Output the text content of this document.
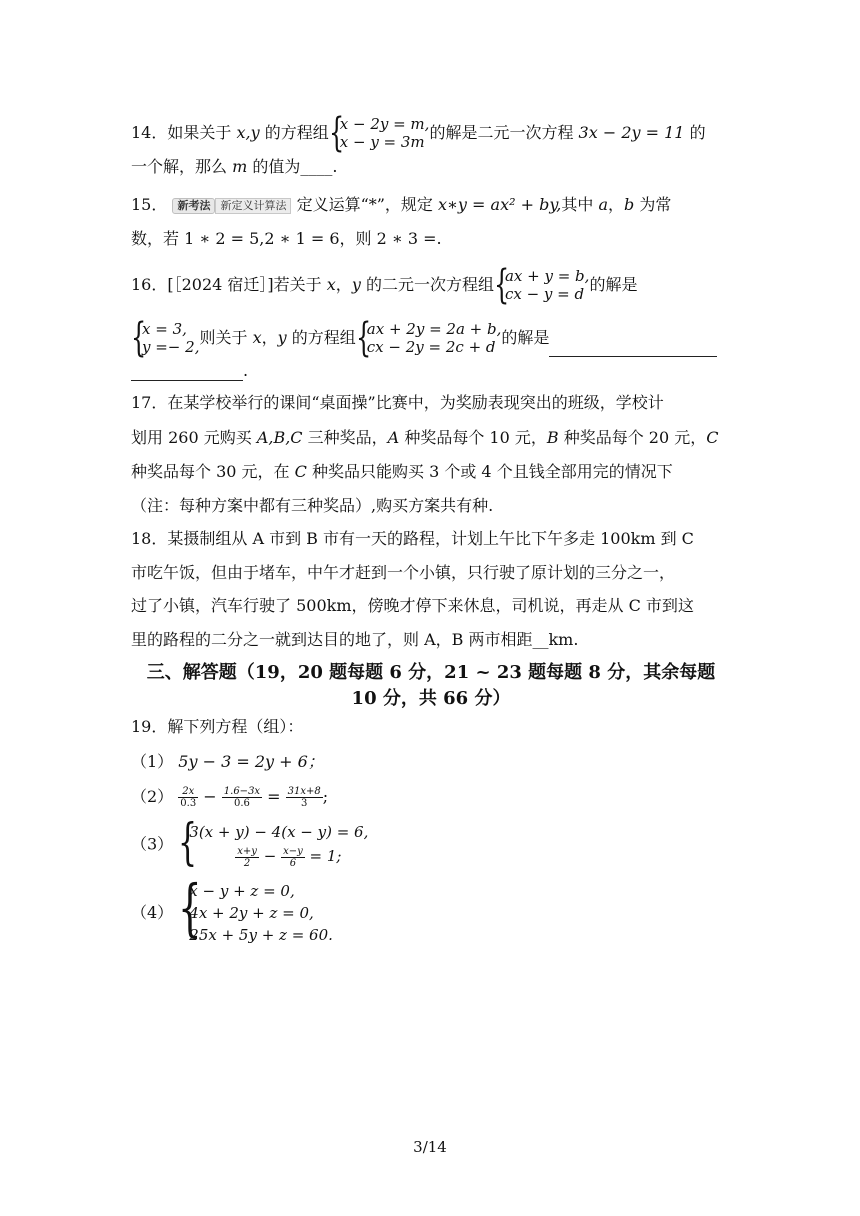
14．如果关于 x,y 的方程组 {
x − 2y = m,
x − y = 3m 的解是二元一次方程 3x − 2y = 11 的
一个解，那么 m 的值为____.
15． 新考法 新定义计算法 定义运算“*”，规定 x∗y = ax² + by,其中 a，b 为常
数，若 1 ∗ 2 = 5,2 ∗ 1 = 6，则 2 ∗ 3 =.
16．[［2024 宿迁］]若关于 x，y 的二元一次方程组 {
ax + y = b,
cx − y = d 的解是
{
x = 3,
y =− 2, 则关于 x，y 的方程组 {
ax + 2y = 2a + b,
cx − 2y = 2c + d 的解是
.
17．在某学校举行的课间“桌面操”比赛中，为奖励表现突出的班级，学校计
划用 260 元购买 A,B,C 三种奖品，A 种奖品每个 10 元，B 种奖品每个 20 元，C
种奖品每个 30 元，在 C 种奖品只能购买 3 个或 4 个且钱全部用完的情况下
（注：每种方案中都有三种奖品）,购买方案共有种.
18．某摄制组从 A 市到 B 市有一天的路程，计划上午比下午多走 100km 到 C
市吃午饭，但由于堵车，中午才赶到一个小镇，只行驶了原计划的三分之一，
过了小镇，汽车行驶了 500km，傍晚才停下来休息，司机说，再走从 C 市到这
里的路程的二分之一就到达目的地了，则 A，B 两市相距__km.
三、解答题（19，20 题每题 6 分，21 ~ 23 题每题 8 分，其余每题
10 分，共 66 分）
19．解下列方程（组）：
（1） 5y − 3 = 2y + 6；
$(2) \frac{2x}{0.3} - \frac{1.6-3x}{0.6} = \frac{31x+8}{3}$ ;
（3） {
3(x + y) − 4(x − y) = 6,
$\frac{x+y}{2} - \frac{x-y}{6} = 1$;
（4） {
x − y + z = 0,
4x + 2y + z = 0,
25x + 5y + z = 60.
3/14
